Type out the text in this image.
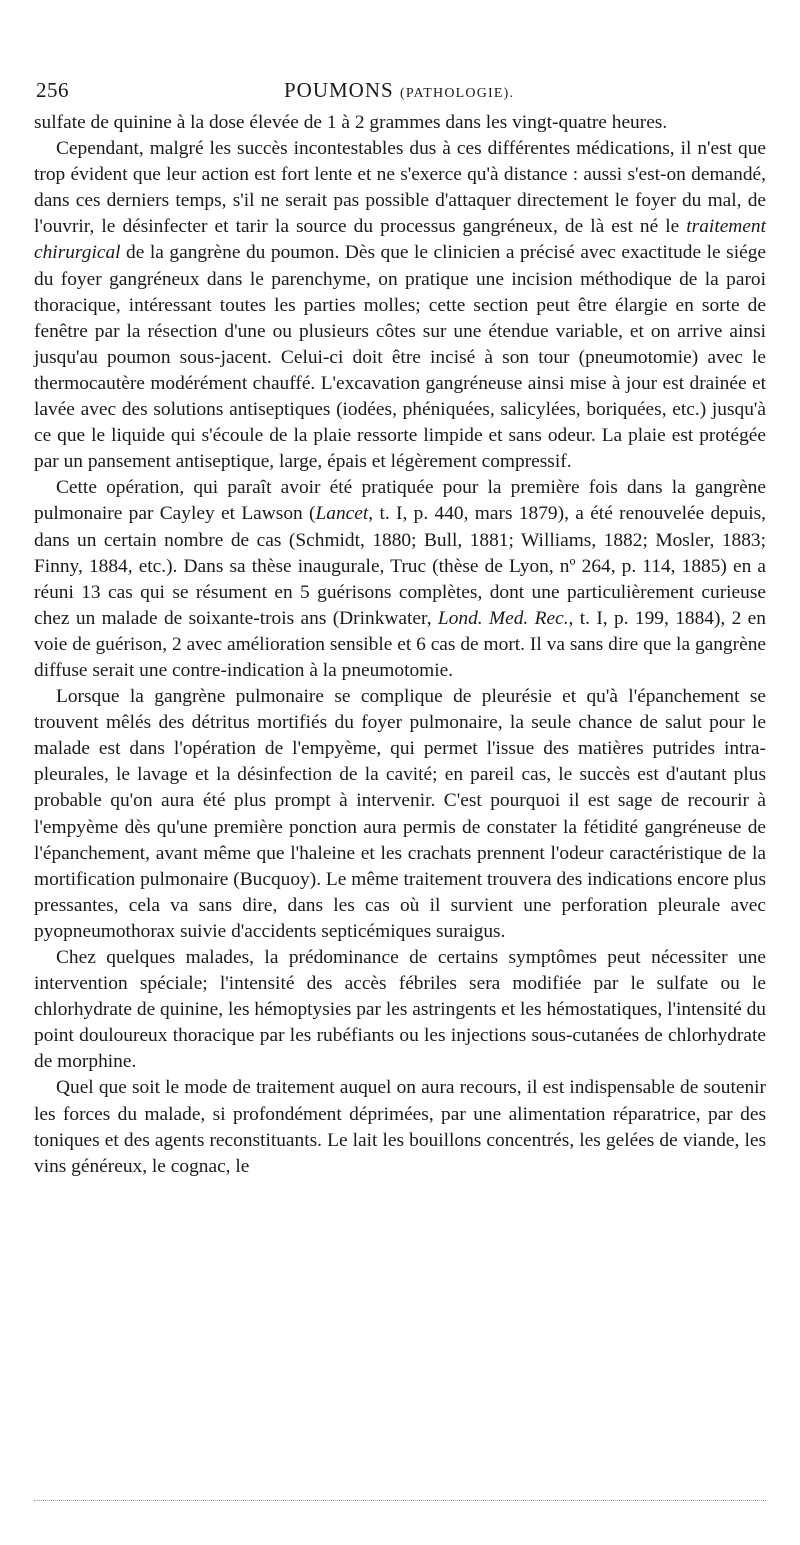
256	POUMONS (PATHOLOGIE).

sulfate de quinine à la dose élevée de 1 à 2 grammes dans les vingt-quatre heures.

Cependant, malgré les succès incontestables dus à ces différentes médications, il n'est que trop évident que leur action est fort lente et ne s'exerce qu'à distance : aussi s'est-on demandé, dans ces derniers temps, s'il ne serait pas possible d'attaquer directement le foyer du mal, de l'ouvrir, le désinfecter et tarir la source du processus gangréneux, de là est né le traitement chirurgical de la gangrène du poumon. Dès que le clinicien a précisé avec exactitude le siége du foyer gangréneux dans le parenchyme, on pratique une incision méthodique de la paroi thoracique, intéressant toutes les parties molles; cette section peut être élargie en sorte de fenêtre par la résection d'une ou plusieurs côtes sur une étendue variable, et on arrive ainsi jusqu'au poumon sous-jacent. Celui-ci doit être incisé à son tour (pneumotomie) avec le thermocautère modérément chauffé. L'excavation gangréneuse ainsi mise à jour est drainée et lavée avec des solutions antiseptiques (iodées, phéniquées, salicylées, boriquées, etc.) jusqu'à ce que le liquide qui s'écoule de la plaie ressorte limpide et sans odeur. La plaie est protégée par un pansement antiseptique, large, épais et légèrement compressif.

Cette opération, qui paraît avoir été pratiquée pour la première fois dans la gangrène pulmonaire par Cayley et Lawson (Lancet, t. I, p. 440, mars 1879), a été renouvelée depuis, dans un certain nombre de cas (Schmidt, 1880; Bull, 1881; Williams, 1882; Mosler, 1883; Finny, 1884, etc.). Dans sa thèse inaugurale, Truc (thèse de Lyon, nº 264, p. 114, 1885) en a réuni 13 cas qui se résument en 5 guérisons complètes, dont une particulièrement curieuse chez un malade de soixante-trois ans (Drinkwater, Lond. Med. Rec., t. I, p. 199, 1884), 2 en voie de guérison, 2 avec amélioration sensible et 6 cas de mort. Il va sans dire que la gangrène diffuse serait une contre-indication à la pneumotomie.

Lorsque la gangrène pulmonaire se complique de pleurésie et qu'à l'épanchement se trouvent mêlés des détritus mortifiés du foyer pulmonaire, la seule chance de salut pour le malade est dans l'opération de l'empyème, qui permet l'issue des matières putrides intra-pleurales, le lavage et la désinfection de la cavité; en pareil cas, le succès est d'autant plus probable qu'on aura été plus prompt à intervenir. C'est pourquoi il est sage de recourir à l'empyème dès qu'une première ponction aura permis de constater la fétidité gangréneuse de l'épanchement, avant même que l'haleine et les crachats prennent l'odeur caractéristique de la mortification pulmonaire (Bucquoy). Le même traitement trouvera des indications encore plus pressantes, cela va sans dire, dans les cas où il survient une perforation pleurale avec pyopneumothorax suivie d'accidents septicémiques suraigus.

Chez quelques malades, la prédominance de certains symptômes peut nécessiter une intervention spéciale; l'intensité des accès fébriles sera modifiée par le sulfate ou le chlorhydrate de quinine, les hémoptysies par les astringents et les hémostatiques, l'intensité du point douloureux thoracique par les rubéfiants ou les injections sous-cutanées de chlorhydrate de morphine.

Quel que soit le mode de traitement auquel on aura recours, il est indispensable de soutenir les forces du malade, si profondément déprimées, par une alimentation réparatrice, par des toniques et des agents reconstituants. Le lait les bouillons concentrés, les gelées de viande, les vins généreux, le cognac, le
